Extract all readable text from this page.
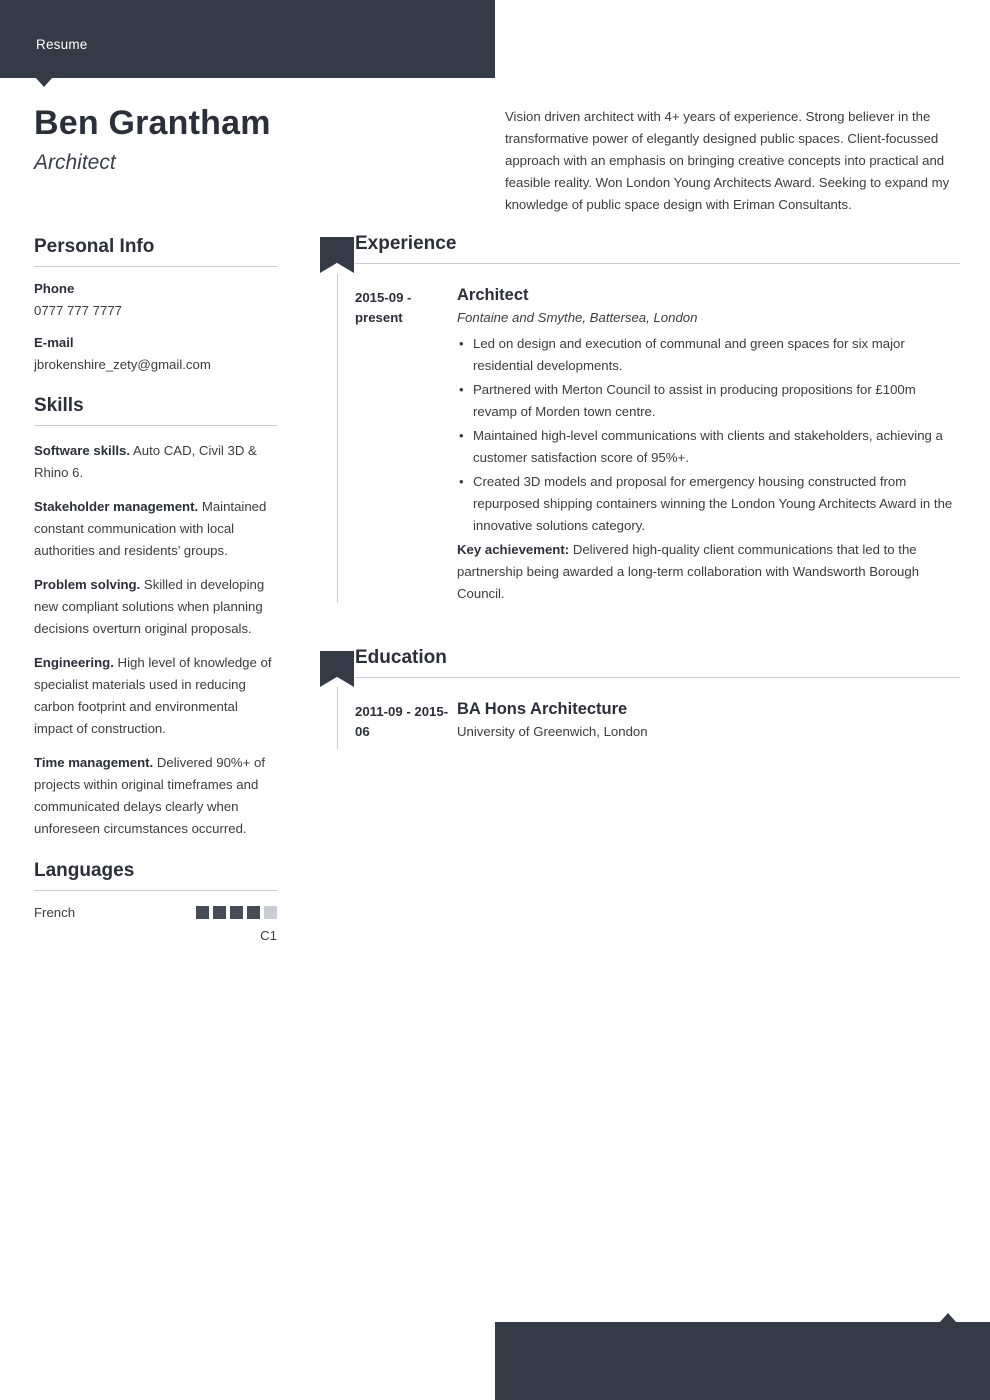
Resume
Ben Grantham
Architect
Vision driven architect with 4+ years of experience. Strong believer in the transformative power of elegantly designed public spaces. Client-focussed approach with an emphasis on bringing creative concepts into practical and feasible reality. Won London Young Architects Award. Seeking to expand my knowledge of public space design with Eriman Consultants.
Personal Info
Phone
0777 777 7777
E-mail
jbrokenshire_zety@gmail.com
Skills

Software skills. Auto CAD, Civil 3D & Rhino 6.

Stakeholder management. Maintained constant communication with local authorities and residents’ groups.

Problem solving. Skilled in developing new compliant solutions when planning decisions overturn original proposals.

Engineering. High level of knowledge of specialist materials used in reducing carbon footprint and environmental impact of construction.

Time management. Delivered 90%+ of projects within original timeframes and communicated delays clearly when unforeseen circumstances occurred.

Languages
French
C1
Experience
2015-09 - present
Architect
Fontaine and Smythe, Battersea, London
• Led on design and execution of communal and green spaces for six major residential developments.
• Partnered with Merton Council to assist in producing propositions for £100m revamp of Morden town centre.
• Maintained high-level communications with clients and stakeholders, achieving a customer satisfaction score of 95%+.
• Created 3D models and proposal for emergency housing constructed from repurposed shipping containers winning the London Young Architects Award in the innovative solutions category.

Key achievement: Delivered high-quality client communications that led to the partnership being awarded a long-term collaboration with Wandsworth Borough Council.

Education
2011-09 - 2015-06
BA Hons Architecture
University of Greenwich, London
